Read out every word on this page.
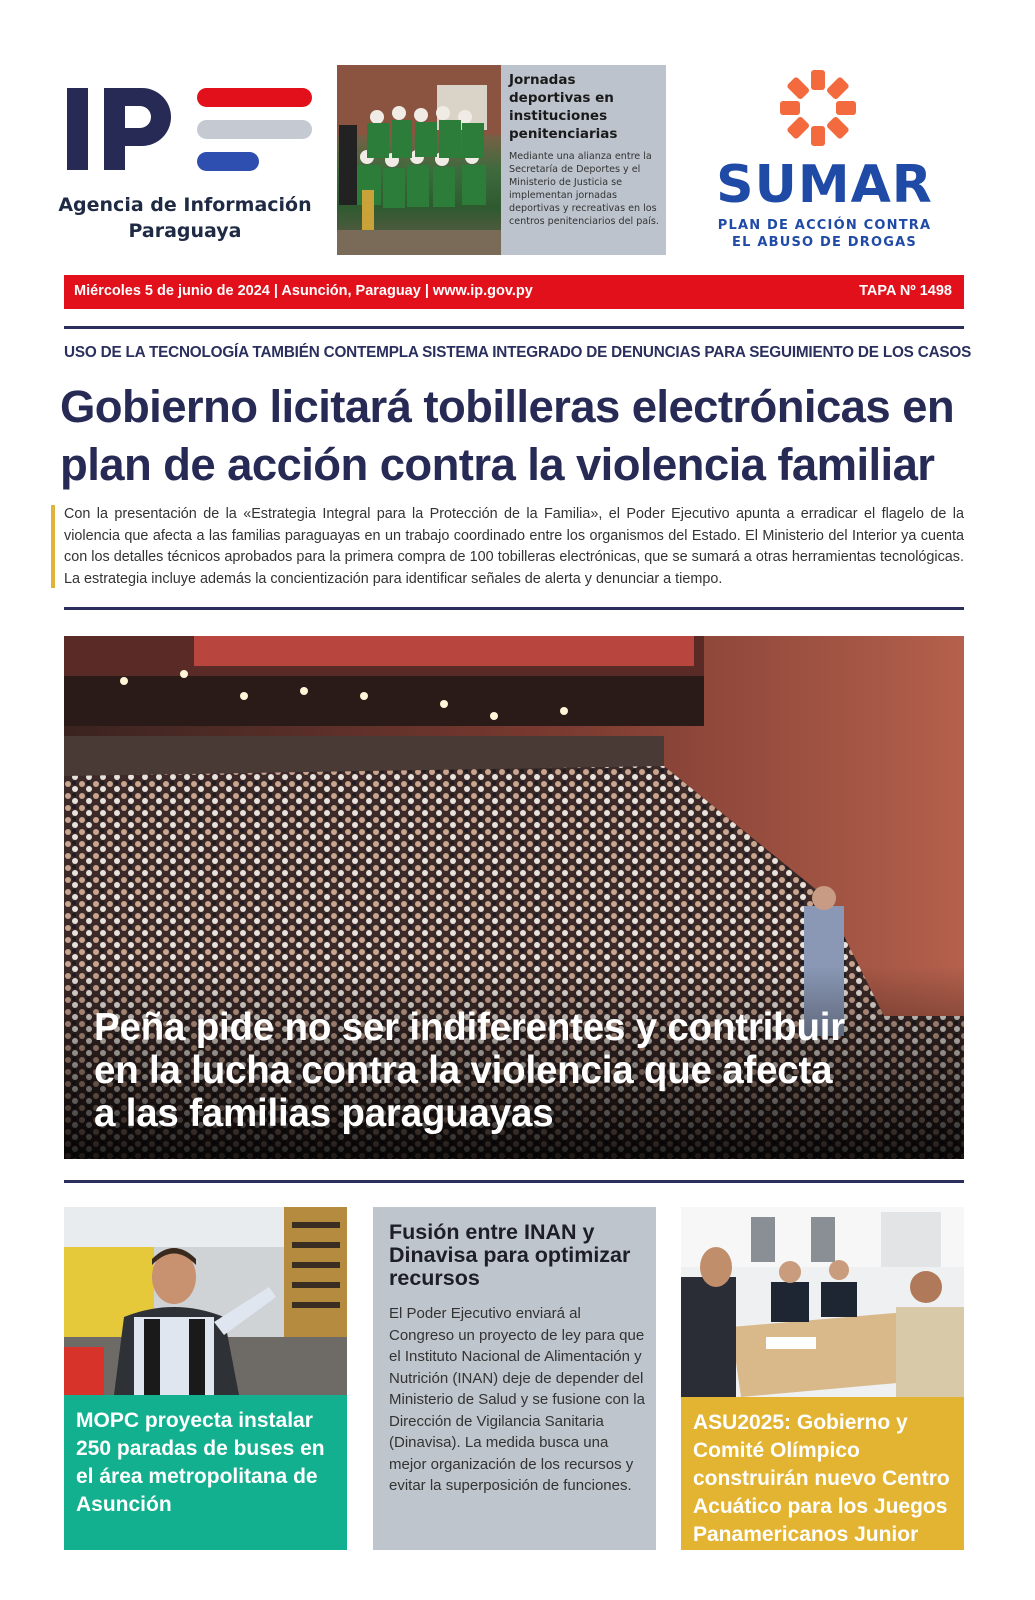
Agencia de Información
Paraguaya
Jornadas deportivas en instituciones penitenciarias
Mediante una alianza entre la Secretaría de Deportes y el Ministerio de Justicia se implementan jornadas deportivas y recreativas en los centros penitenciarios del país.
SUMAR
PLAN DE ACCIÓN CONTRA
EL ABUSO DE DROGAS
Miércoles 5 de junio de 2024 | Asunción, Paraguay | www.ip.gov.py	TAPA Nº 1498
USO DE LA TECNOLOGÍA TAMBIÉN CONTEMPLA SISTEMA INTEGRADO DE DENUNCIAS PARA SEGUIMIENTO DE LOS CASOS
Gobierno licitará tobilleras electrónicas en
plan de acción contra la violencia familiar
Con la presentación de la «Estrategia Integral para la Protección de la Familia», el Poder Ejecutivo apunta a erradicar el flagelo de la violencia que afecta a las familias paraguayas en un trabajo coordinado entre los organismos del Estado. El Ministerio del Interior ya cuenta con los detalles técnicos aprobados para la primera compra de 100 tobilleras electrónicas, que se sumará a otras herramientas tecnológicas. La estrategia incluye además la concientización para identificar señales de alerta y denunciar a tiempo.
Peña pide no ser indiferentes y contribuir
en la lucha contra la violencia que afecta
a las familias paraguayas
MOPC proyecta instalar 250 paradas de buses en el área metropolitana de Asunción
Fusión entre INAN y Dinavisa para optimizar recursos
El Poder Ejecutivo enviará al Congreso un proyecto de ley para que el Instituto Nacional de Alimentación y Nutrición (INAN) deje de depender del Ministerio de Salud y se fusione con la Dirección de Vigilancia Sanitaria (Dinavisa). La medida busca una mejor organización de los recursos y evitar la superposición de funciones.
ASU2025: Gobierno y Comité Olímpico construirán nuevo Centro Acuático para los Juegos Panamericanos Junior
